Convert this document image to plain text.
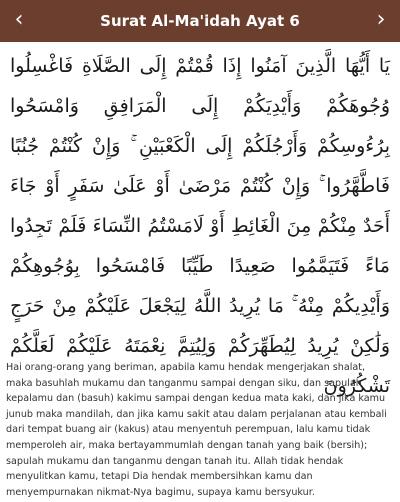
‹	Surat Al-Ma'idah Ayat 6	›
يَا أَيُّهَا الَّذِينَ آمَنُوا إِذَا قُمْتُمْ إِلَى الصَّلَاةِ فَاغْسِلُوا وُجُوهَكُمْ وَأَيْدِيَكُمْ إِلَى الْمَرَافِقِ وَامْسَحُوا بِرُءُوسِكُمْ وَأَرْجُلَكُمْ إِلَى الْكَعْبَيْنِ ۚ وَإِنْ كُنْتُمْ جُنُبًا فَاطَّهَّرُوا ۚ وَإِنْ كُنْتُمْ مَرْضَىٰ أَوْ عَلَىٰ سَفَرٍ أَوْ جَاءَ أَحَدٌ مِنْكُمْ مِنَ الْغَائِطِ أَوْ لَامَسْتُمُ النِّسَاءَ فَلَمْ تَجِدُوا مَاءً فَتَيَمَّمُوا صَعِيدًا طَيِّبًا فَامْسَحُوا بِوُجُوهِكُمْ وَأَيْدِيكُمْ مِنْهُ ۚ مَا يُرِيدُ اللَّهُ لِيَجْعَلَ عَلَيْكُمْ مِنْ حَرَجٍ وَلَٰكِنْ يُرِيدُ لِيُطَهِّرَكُمْ وَلِيُتِمَّ نِعْمَتَهُ عَلَيْكُمْ لَعَلَّكُمْ تَشْكُرُونَ

Hai orang-orang yang beriman, apabila kamu hendak mengerjakan shalat, maka basuhlah mukamu dan tanganmu sampai dengan siku, dan sapulah kepalamu dan (basuh) kakimu sampai dengan kedua mata kaki, dan jika kamu junub maka mandilah, dan jika kamu sakit atau dalam perjalanan atau kembali dari tempat buang air (kakus) atau menyentuh perempuan, lalu kamu tidak memperoleh air, maka bertayammumlah dengan tanah yang baik (bersih); sapulah mukamu dan tanganmu dengan tanah itu. Allah tidak hendak menyulitkan kamu, tetapi Dia hendak membersihkan kamu dan menyempurnakan nikmat-Nya bagimu, supaya kamu bersyukur.
